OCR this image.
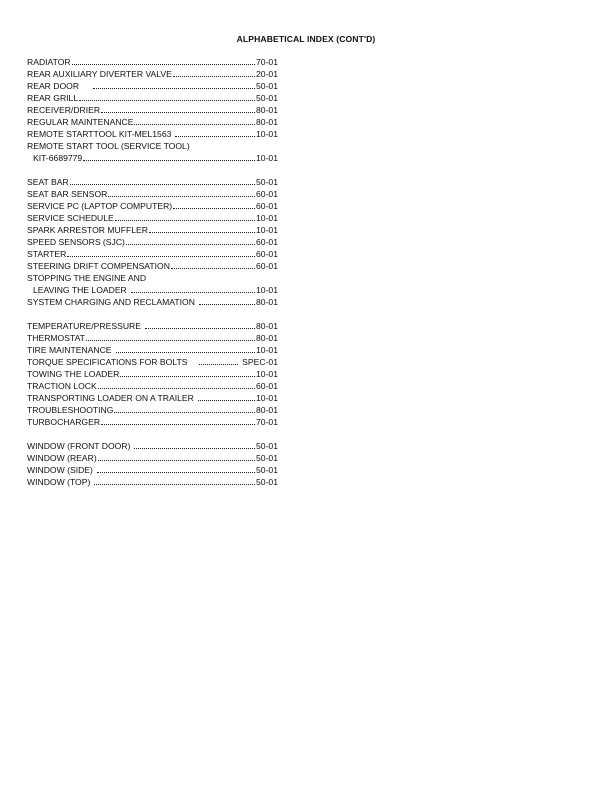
ALPHABETICAL INDEX (CONT'D)
RADIATOR	70-01
REAR AUXILIARY DIVERTER VALVE	20-01
REAR DOOR	50-01
REAR GRILL	50-01
RECEIVER/DRIER	80-01
REGULAR MAINTENANCE	80-01
REMOTE STARTTOOL KIT-MEL1563	10-01
REMOTE START TOOL (SERVICE TOOL)
KIT-6689779	10-01
SEAT BAR	50-01
SEAT BAR SENSOR	60-01
SERVICE PC (LAPTOP COMPUTER)	60-01
SERVICE SCHEDULE	10-01
SPARK ARRESTOR MUFFLER	10-01
SPEED SENSORS (SJC)	60-01
STARTER	60-01
STEERING DRIFT COMPENSATION	60-01
STOPPING THE ENGINE AND
LEAVING THE LOADER	10-01
SYSTEM CHARGING AND RECLAMATION	80-01
TEMPERATURE/PRESSURE	80-01
THERMOSTAT	80-01
TIRE MAINTENANCE	10-01
TORQUE SPECIFICATIONS FOR BOLTS	SPEC-01
TOWING THE LOADER	10-01
TRACTION LOCK	60-01
TRANSPORTING LOADER ON A TRAILER	10-01
TROUBLESHOOTING	80-01
TURBOCHARGER	70-01
WINDOW (FRONT DOOR)	50-01
WINDOW (REAR)	50-01
WINDOW (SIDE)	50-01
WINDOW (TOP)	50-01
